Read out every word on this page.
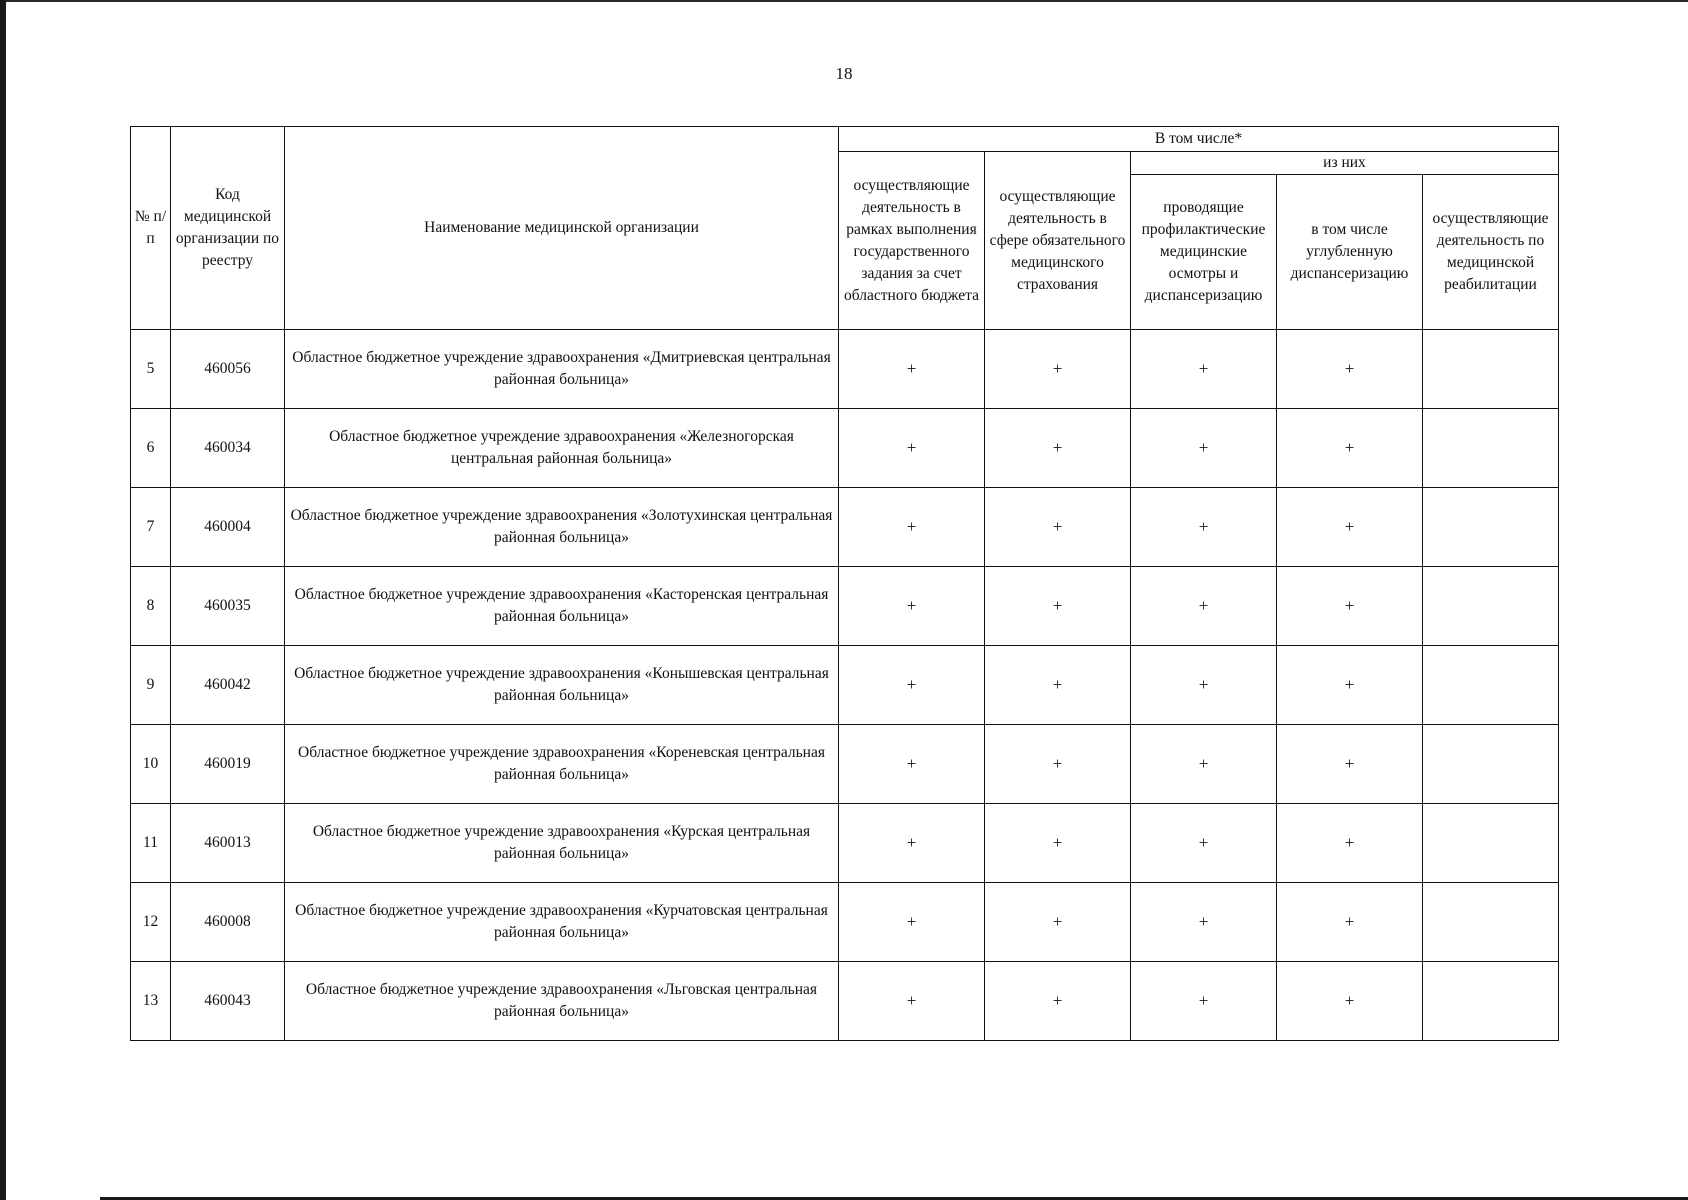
18
№ п/п	Код медицинской организации по реестру	Наименование медицинской организации	В том числе*				
			осуществляющие деятельность в рамках выполнения государственного задания за счет областного бюджета	осуществляющие деятельность в сфере обязательного медицинского страхования	из них		
					проводящие профилактические медицинские осмотры и диспансеризацию	в том числе углубленную диспансеризацию	осуществляющие деятельность по медицинской реабилитации
5	460056	Областное бюджетное учреждение здравоохранения «Дмитриевская центральная районная больница»	+	+	+	+	
6	460034	Областное бюджетное учреждение здравоохранения «Железногорская центральная районная больница»	+	+	+	+	
7	460004	Областное бюджетное учреждение здравоохранения «Золотухинская центральная районная больница»	+	+	+	+	
8	460035	Областное бюджетное учреждение здравоохранения «Касторенская центральная районная больница»	+	+	+	+	
9	460042	Областное бюджетное учреждение здравоохранения «Конышевская центральная районная больница»	+	+	+	+	
10	460019	Областное бюджетное учреждение здравоохранения «Кореневская центральная районная больница»	+	+	+	+	
11	460013	Областное бюджетное учреждение здравоохранения «Курская центральная районная больница»	+	+	+	+	
12	460008	Областное бюджетное учреждение здравоохранения «Курчатовская центральная районная больница»	+	+	+	+	
13	460043	Областное бюджетное учреждение здравоохранения «Льговская центральная районная больница»	+	+	+	+	
